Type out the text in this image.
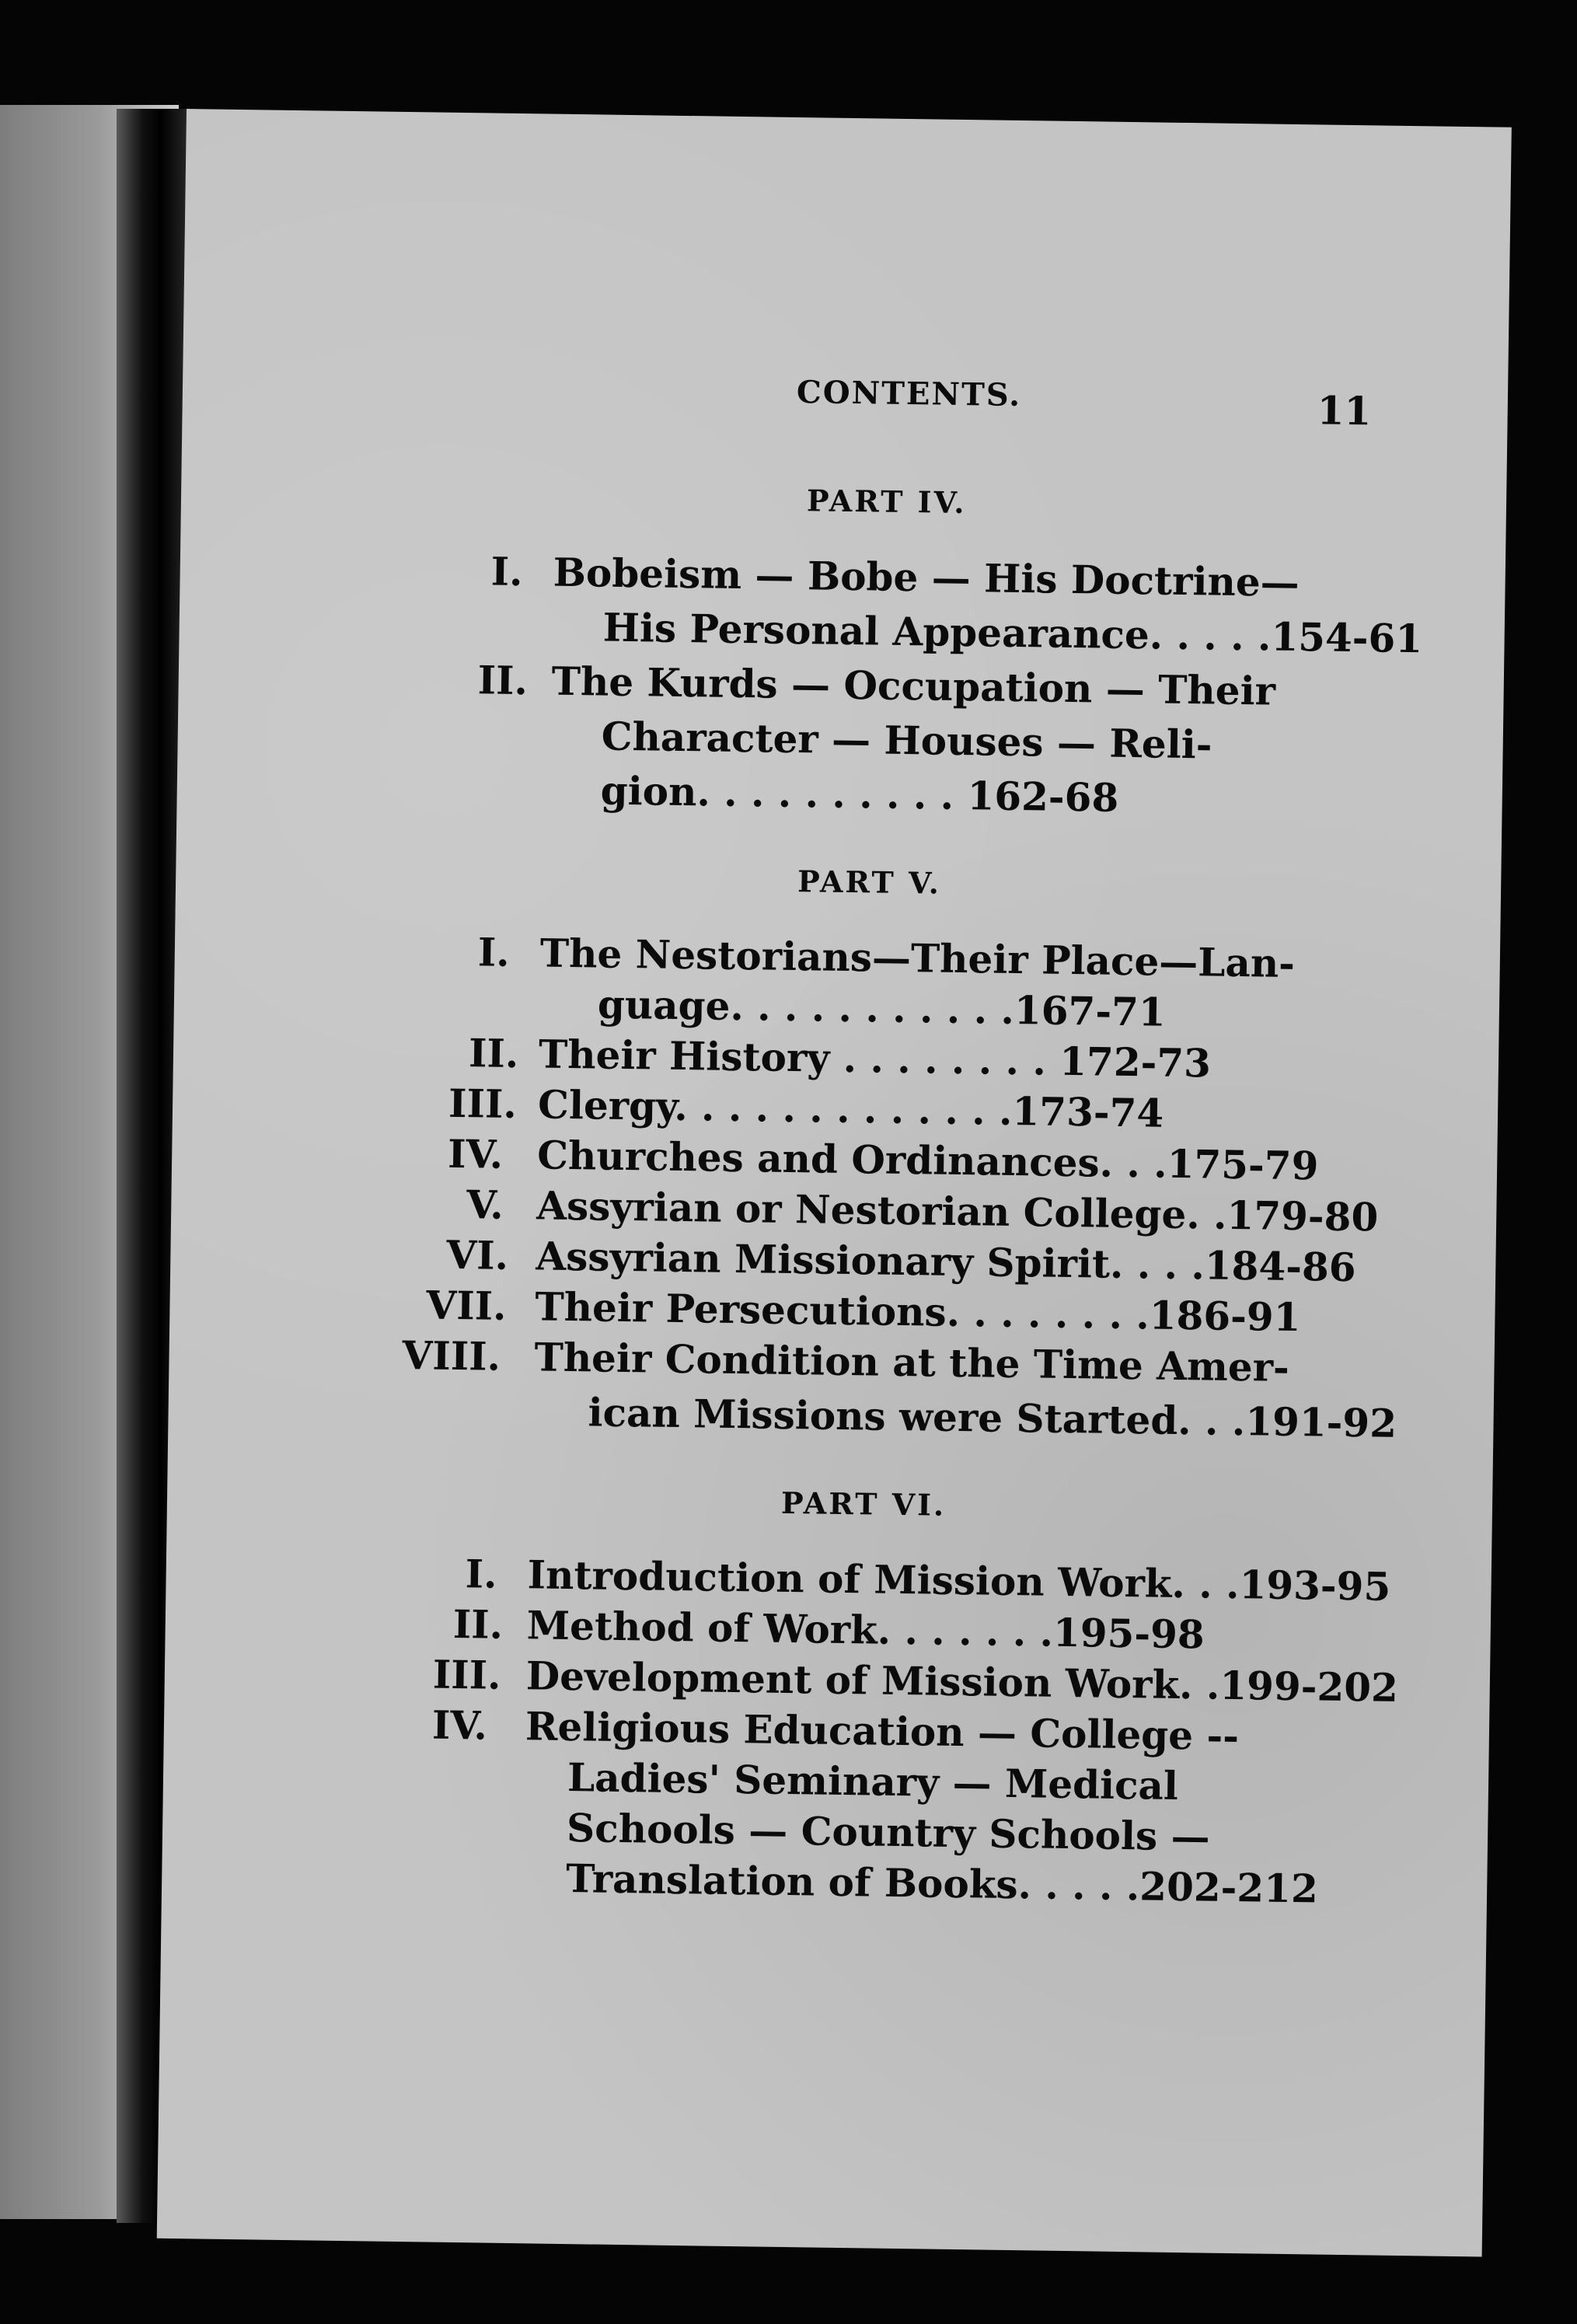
CONTENTS.	11
PART IV.
I. Bobeism — Bobe — His Doctrine—
His Personal Appearance. . . . .154-61
II. The Kurds — Occupation — Their
Character — Houses — Reli-
gion. . . . . . . . . . 162-68
PART V.
I. The Nestorians—Their Place—Lan-
guage. . . . . . . . . . .167-71
II. Their History . . . . . . . . 172-73
III. Clergy. . . . . . . . . . . . .173-74
IV. Churches and Ordinances. . .175-79
V. Assyrian or Nestorian College. .179-80
VI. Assyrian Missionary Spirit. . . .184-86
VII. Their Persecutions. . . . . . . .186-91
VIII. Their Condition at the Time Amer-
ican Missions were Started. . .191-92
PART VI.
I. Introduction of Mission Work. . .193-95
II. Method of Work. . . . . . .195-98
III. Development of Mission Work. .199-202
IV. Religious Education — College --
Ladies' Seminary — Medical
Schools — Country Schools —
Translation of Books. . . . .202-212
